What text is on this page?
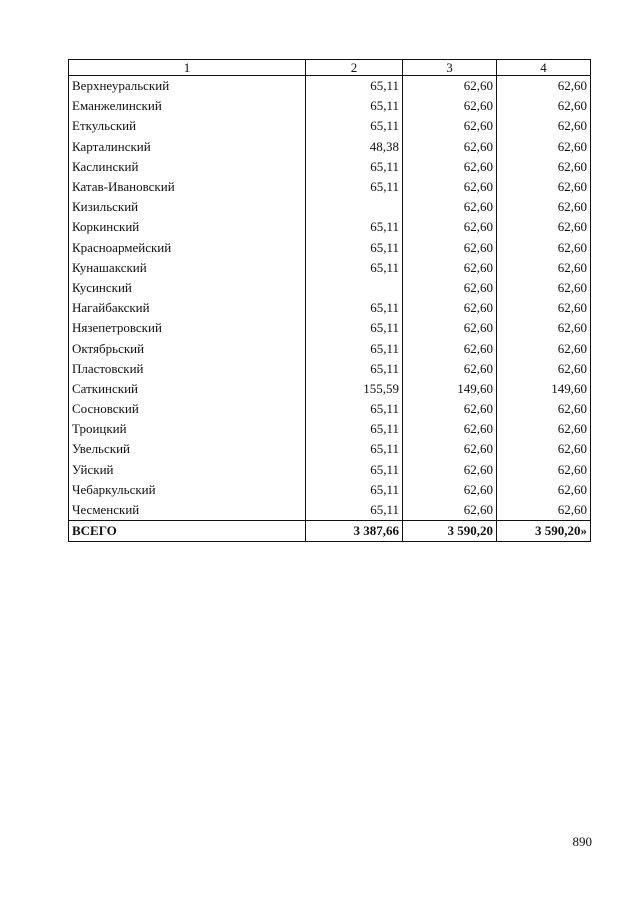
1	2	3	4
Верхнеуральский	65,11	62,60	62,60
Еманжелинский	65,11	62,60	62,60
Еткульский	65,11	62,60	62,60
Карталинский	48,38	62,60	62,60
Каслинский	65,11	62,60	62,60
Катав-Ивановский	65,11	62,60	62,60
Кизильский		62,60	62,60
Коркинский	65,11	62,60	62,60
Красноармейский	65,11	62,60	62,60
Кунашакский	65,11	62,60	62,60
Кусинский		62,60	62,60
Нагайбакский	65,11	62,60	62,60
Нязепетровский	65,11	62,60	62,60
Октябрьский	65,11	62,60	62,60
Пластовский	65,11	62,60	62,60
Саткинский	155,59	149,60	149,60
Сосновский	65,11	62,60	62,60
Троицкий	65,11	62,60	62,60
Увельский	65,11	62,60	62,60
Уйский	65,11	62,60	62,60
Чебаркульский	65,11	62,60	62,60
Чесменский	65,11	62,60	62,60
ВСЕГО	3 387,66	3 590,20	3 590,20»
890
